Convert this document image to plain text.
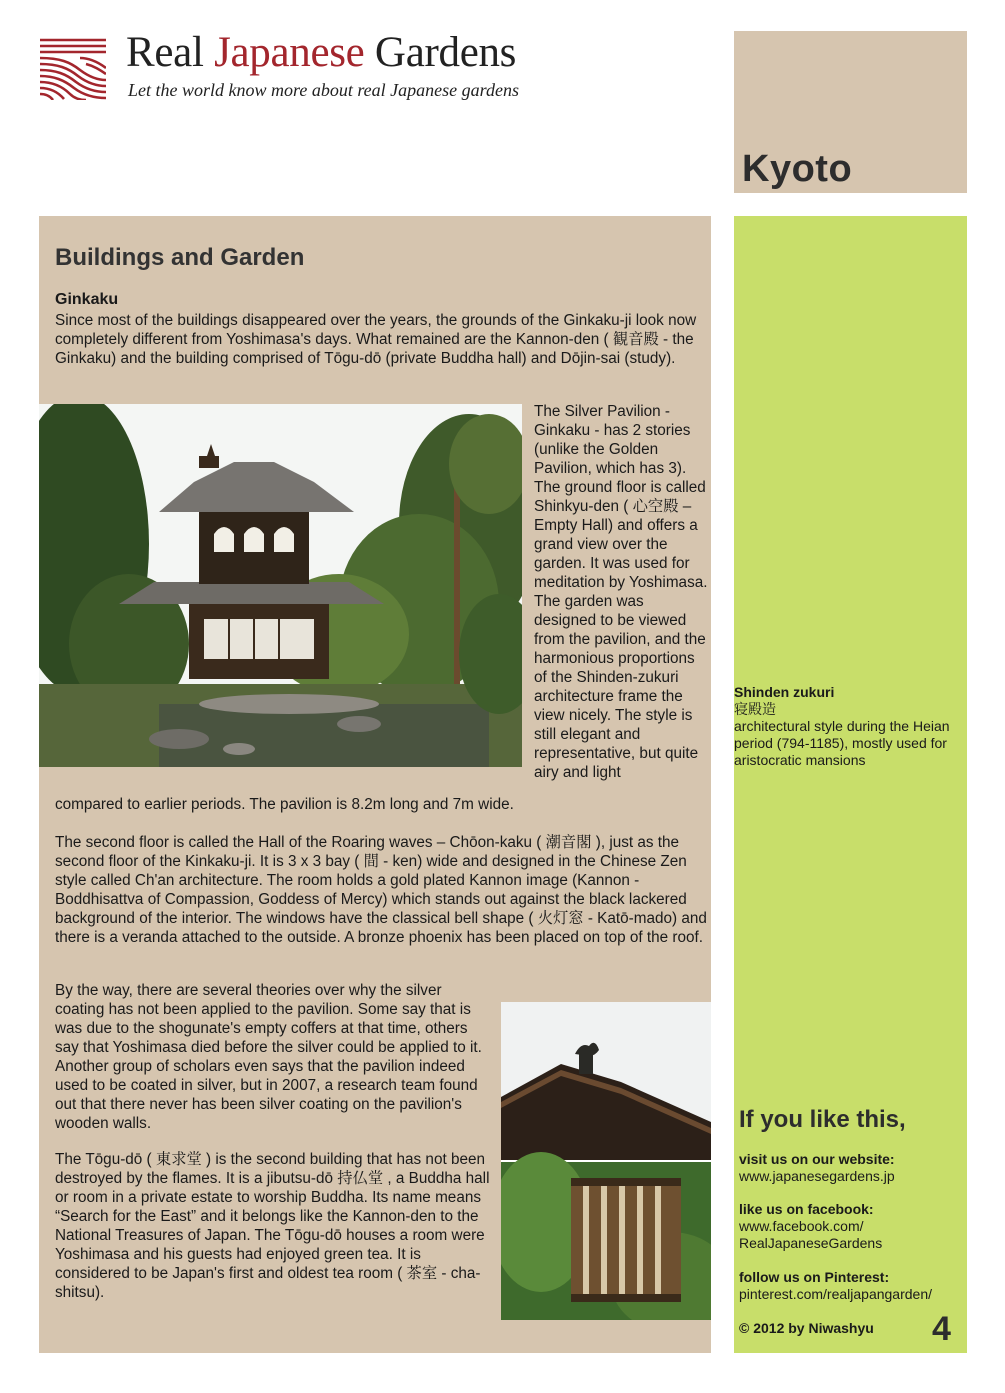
Real Japanese Gardens
Let the world know more about real Japanese gardens
Kyoto
Buildings and Garden
Ginkaku
Since most of the buildings disappeared over the years, the grounds of the Ginkaku-ji look now completely different from Yoshimasa's days. What remained are the Kannon-den ( 観音殿 - the Ginkaku) and the building comprised of Tōgu-dō (private Buddha hall) and Dōjin-sai (study).
The Silver Pavilion - Ginkaku - has 2 stories (unlike the Golden Pavilion, which has 3). The ground floor is called Shinkyu-den ( 心空殿 – Empty Hall) and offers a grand view over the garden. It was used for meditation by Yoshimasa. The garden was designed to be viewed from the pavilion, and the harmonious proportions of the Shinden-zukuri architecture frame the view nicely. The style is still elegant and representative, but quite airy and light
compared to earlier periods. The pavilion is 8.2m long and 7m wide.
The second floor is called the Hall of the Roaring waves – Chōon-kaku ( 潮音閣 ), just as the second floor of the Kinkaku-ji. It is 3 x 3 bay ( 間 - ken) wide and designed in the Chinese Zen style called Ch'an architecture. The room holds a gold plated Kannon image (Kannon - Boddhisattva of Compassion, Goddess of Mercy) which stands out against the black lackered background of the interior. The windows have the classical bell shape ( 火灯窓 - Katō-mado) and there is a veranda attached to the outside. A bronze phoenix has been placed on top of the roof.
By the way, there are several theories over why the silver coating has not been applied to the pavilion. Some say that is was due to the shogunate's empty coffers at that time, others say that Yoshimasa died before the silver could be applied to it. Another group of scholars even says that the pavilion indeed used to be coated in silver, but in 2007, a research team found out that there never has been silver coating on the pavilion's wooden walls.
The Tōgu-dō ( 東求堂 ) is the second building that has not been destroyed by the flames. It is a jibutsu-dō 持仏堂 , a Buddha hall or room in a private estate to worship Buddha. Its name means “Search for the East” and it belongs like the Kannon-den to the National Treasures of Japan. The Tōgu-dō houses a room were Yoshimasa and his guests had enjoyed green tea. It is considered to be Japan's first and oldest tea room ( 茶室 - cha-shitsu).
Shinden zukuri
寝殿造
architectural style during the Heian period (794-1185), mostly used for aristocratic mansions
If you like this,
visit us on our website:
www.japanesegardens.jp
like us on facebook:
www.facebook.com/
RealJapaneseGardens
follow us on Pinterest:
pinterest.com/realjapangarden/
© 2012 by Niwashyu 4
